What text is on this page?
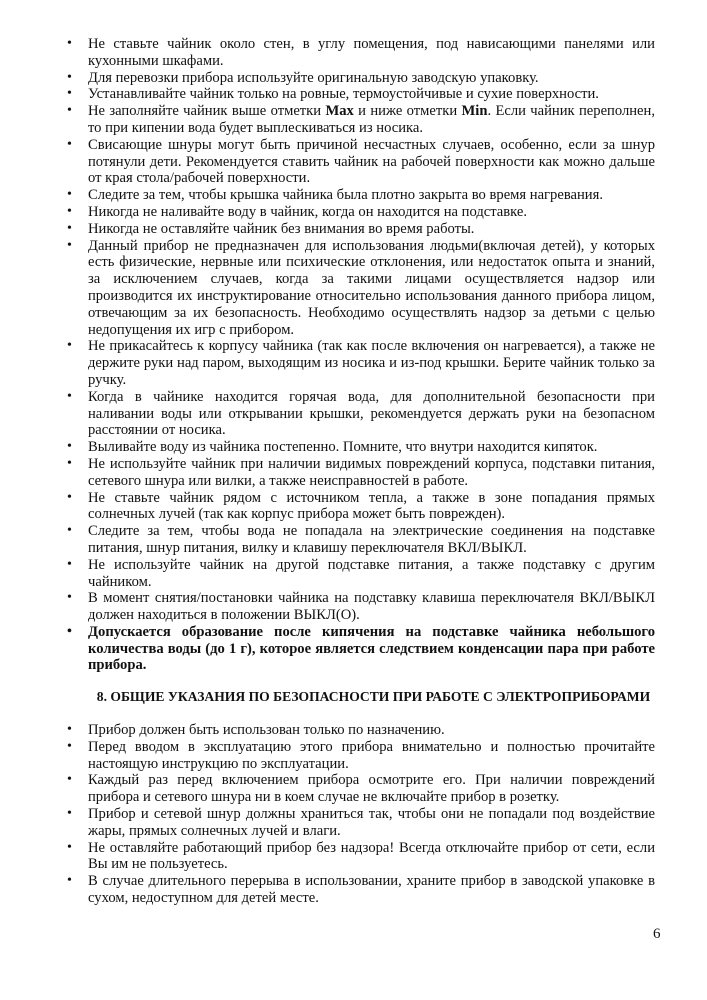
• Не ставьте чайник около стен, в углу помещения, под нависающими панелями или кухонными шкафами.
• Для перевозки прибора используйте оригинальную заводскую упаковку.
• Устанавливайте чайник только на ровные, термоустойчивые и сухие поверхности.
• Не заполняйте чайник выше отметки Max и ниже отметки Min. Если чайник переполнен, то при кипении вода будет выплескиваться из носика.
• Свисающие шнуры могут быть причиной несчастных случаев, особенно, если за шнур потянули дети. Рекомендуется ставить чайник на рабочей поверхности как можно дальше от края стола/рабочей поверхности.
• Следите за тем, чтобы крышка чайника была плотно закрыта во время нагревания.
• Никогда не наливайте воду в чайник, когда он находится на подставке.
• Никогда не оставляйте чайник без внимания во время работы.
• Данный прибор не предназначен для использования людьми(включая детей), у которых есть физические, нервные или психические отклонения, или недостаток опыта и знаний, за исключением случаев, когда за такими лицами осуществляется надзор или производится их инструктирование относительно использования данного прибора лицом, отвечающим за их безопасность. Необходимо осуществлять надзор за детьми с целью недопущения их игр с прибором.
• Не прикасайтесь к корпусу чайника (так как после включения он нагревается), а также не держите руки над паром, выходящим из носика и из-под крышки. Берите чайник только за ручку.
• Когда в чайнике находится горячая вода, для дополнительной безопасности при наливании воды или открывании крышки, рекомендуется держать руки на безопасном расстоянии от носика.
• Выливайте воду из чайника постепенно. Помните, что внутри находится кипяток.
• Не используйте чайник при наличии видимых повреждений корпуса, подставки питания, сетевого шнура или вилки, а также неисправностей в работе.
• Не ставьте чайник рядом с источником тепла, а также в зоне попадания прямых солнечных лучей (так как корпус прибора может быть поврежден).
• Следите за тем, чтобы вода не попадала на электрические соединения на подставке питания, шнур питания, вилку и клавишу переключателя ВКЛ/ВЫКЛ.
• Не используйте чайник на другой подставке питания, а также подставку с другим чайником.
• В момент снятия/постановки чайника на подставку клавиша переключателя ВКЛ/ВЫКЛ должен находиться в положении ВЫКЛ(О).
• Допускается образование после кипячения на подставке чайника небольшого количества воды (до 1 г), которое является следствием конденсации пара при работе прибора.
8. ОБЩИЕ УКАЗАНИЯ ПО БЕЗОПАСНОСТИ ПРИ РАБОТЕ С ЭЛЕКТРОПРИБОРАМИ
• Прибор должен быть использован только по назначению.
• Перед вводом в эксплуатацию этого прибора внимательно и полностью прочитайте настоящую инструкцию по эксплуатации.
• Каждый раз перед включением прибора осмотрите его. При наличии повреждений прибора и сетевого шнура ни в коем случае не включайте прибор в розетку.
• Прибор и сетевой шнур должны храниться так, чтобы они не попадали под воздействие жары, прямых солнечных лучей и влаги.
• Не оставляйте работающий прибор без надзора! Всегда отключайте прибор от сети, если Вы им не пользуетесь.
• В случае длительного перерыва в использовании, храните прибор в заводской упаковке в сухом, недоступном для детей месте.
6
